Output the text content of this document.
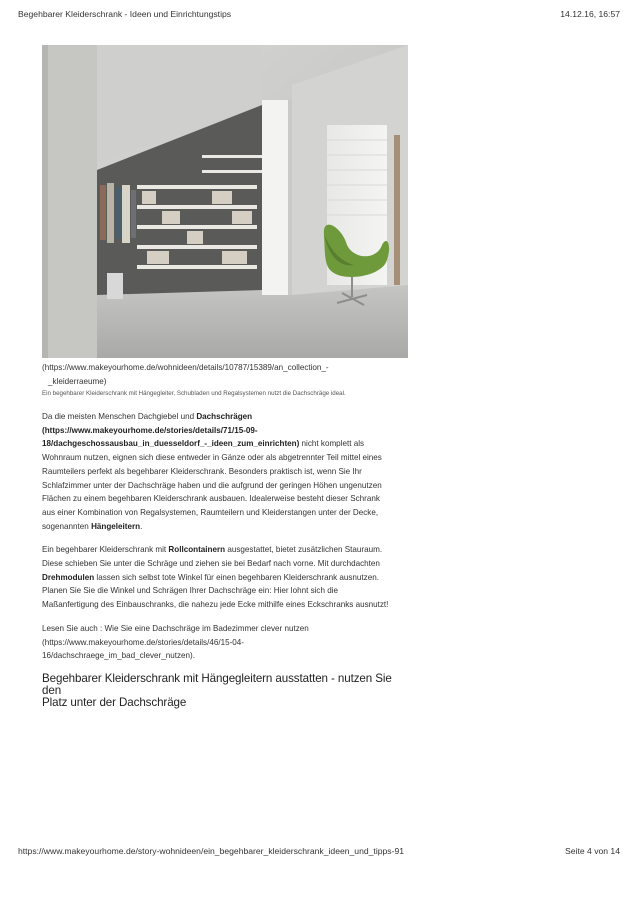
Begehbarer Kleiderschrank - Ideen und Einrichtungstips	14.12.16, 16:57

(https://www.makeyourhome.de/wohnideen/details/10787/15389/an_collection_-
_kleiderraeume)

Ein begehbarer Kleiderschrank mit Hängegleiter, Schubladen und Regalsystemen nutzt die Dachschräge ideal.

Da die meisten Menschen Dachgiebel und Dachschrägen
(https://www.makeyourhome.de/stories/details/71/15-09-
18/dachgeschossausbau_in_duesseldorf_-_ideen_zum_einrichten) nicht komplett als
Wohnraum nutzen, eignen sich diese entweder in Gänze oder als abgetrennter Teil mittel eines
Raumteilers perfekt als begehbarer Kleiderschrank. Besonders praktisch ist, wenn Sie Ihr
Schlafzimmer unter der Dachschräge haben und die aufgrund der geringen Höhen ungenutzen
Flächen zu einem begehbaren Kleiderschrank ausbauen. Idealerweise besteht dieser Schrank
aus einer Kombination von Regalsystemen, Raumteilern und Kleiderstangen unter der Decke,
sogenannten Hängeleitern.

Ein begehbarer Kleiderschrank mit Rollcontainern ausgestattet, bietet zusätzlichen Stauraum.
Diese schieben Sie unter die Schräge und ziehen sie bei Bedarf nach vorne. Mit durchdachten
Drehmodulen lassen sich selbst tote Winkel für einen begehbaren Kleiderschrank ausnutzen.
Planen Sie Sie die Winkel und Schrägen Ihrer Dachschräge ein: Hier lohnt sich die
Maßanfertigung des Einbauschranks, die nahezu jede Ecke mithilfe eines Eckschranks ausnutzt!

Lesen Sie auch : Wie Sie eine Dachschräge im Badezimmer clever nutzen
(https://www.makeyourhome.de/stories/details/46/15-04-
16/dachschraege_im_bad_clever_nutzen).

Begehbarer Kleiderschrank mit Hängegleitern ausstatten - nutzen Sie den
Platz unter der Dachschräge
https://www.makeyourhome.de/story-wohnideen/ein_begehbarer_kleiderschrank_ideen_und_tipps-91	Seite 4 von 14
